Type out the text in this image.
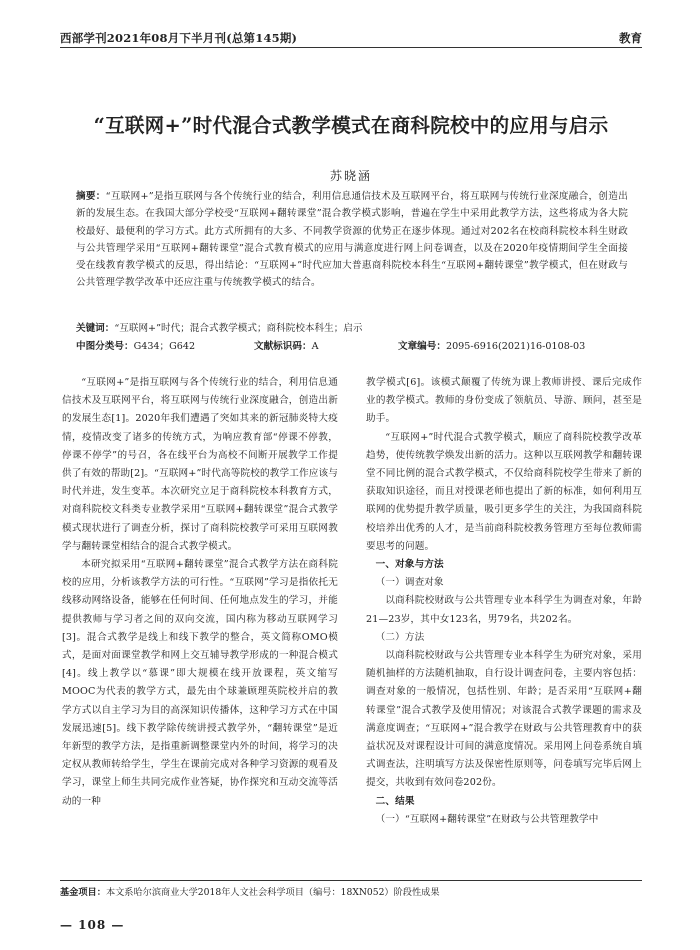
西部学刊2021年08月下半月刊(总第145期)	教育
“互联网+”时代混合式教学模式在商科院校中的应用与启示
苏晓涵
摘要：“互联网+”是指互联网与各个传统行业的结合，利用信息通信技术及互联网平台，将互联网与传统行业深度融合，创造出新的发展生态。在我国大部分学校受“互联网+翻转课堂”混合教学模式影响，普遍在学生中采用此教学方法，这些将成为各大院校最好、最便利的学习方式。此方式所拥有的大多、不同教学资源的优势正在逐步体现。通过对202名在校商科院校本科生财政与公共管理学采用“互联网+翻转课堂”混合式教育模式的应用与满意度进行网上问卷调查，以及在2020年疫情期间学生全面接受在线教育教学模式的反思，得出结论：“互联网+”时代应加大普惠商科院校本科生“互联网+翻转课堂”教学模式，但在财政与公共管理学教学改革中还应注重与传统教学模式的结合。
关键词：“互联网+”时代；混合式教学模式；商科院校本科生；启示
中图分类号：G434；G642	文献标识码：A	文章编号：2095-6916(2021)16-0108-03

“互联网+”是指互联网与各个传统行业的结合，利用信息通信技术及互联网平台，将互联网与传统行业深度融合，创造出新的发展生态[1]。2020年我们遭遇了突如其来的新冠肺炎特大疫情，疫情改变了诸多的传统方式，为响应教育部“停课不停教，停课不停学”的号召，各在线平台为高校不间断开展教学工作提供了有效的帮助[2]。“互联网+”时代高等院校的教学工作应该与时代并进，发生变革。本次研究立足于商科院校本科教育方式，对商科院校文科类专业教学采用“互联网+翻转课堂”混合式教学模式现状进行了调查分析，探讨了商科院校教学可采用互联网教学与翻转课堂相结合的混合式教学模式。

本研究拟采用“互联网+翻转课堂”混合式教学方法在商科院校的应用，分析该教学方法的可行性。“互联网”学习是指依托无线移动网络设备，能够在任何时间、任何地点发生的学习，并能提供教师与学习者之间的双向交流，国内称为移动互联网学习[3]。混合式教学是线上和线下教学的整合，英文简称OMO模式，是面对面课堂教学和网上交互辅导教学形成的一种混合模式[4]。线上教学以“慕课”即大规模在线开放课程，英文缩写MOOC为代表的教学方式，最先由个球兼顾理英院校并启的教学方式以自主学习为目的高深知识传播体，这种学习方式在中国发展迅速[5]。线下教学除传统讲授式教学外，“翻转课堂”是近年新型的教学方法，是指重新调整课堂内外的时间，将学习的决定权从教师转给学生，学生在课前完成对各种学习资源的观看及学习，课堂上师生共同完成作业答疑，协作探究和互动交流等活动的一种

教学模式[6]。该模式颠覆了传统为课上教师讲授、课后完成作业的教学模式。教师的身份变成了领航员、导游、顾问，甚至是助手。

“互联网+”时代混合式教学模式，顺应了商科院校教学改革趋势，使传统教学焕发出新的活力。这种以互联网教学和翻转课堂不同比例的混合式教学模式，不仅给商科院校学生带来了新的获取知识途径，而且对授课老师也提出了新的标准，如何利用互联网的优势提升教学质量，吸引更多学生的关注，为我国商科院校培养出优秀的人才，是当前商科院校教务管理方至每位教师需要思考的问题。

一、对象与方法

（一）调查对象

以商科院校财政与公共管理专业本科学生为调查对象，年龄21—23岁，其中女123名，男79名，共202名。

（二）方法

以商科院校财政与公共管理专业本科学生为研究对象，采用随机抽样的方法随机抽取，自行设计调查问卷，主要内容包括：调查对象的一般情况，包括性别、年龄；是否采用“互联网+翻转课堂”混合式教学及使用情况；对该混合式教学课题的需求及满意度调查；“互联网+”混合教学在财政与公共管理教育中的获益状况及对课程设计可间的满意度情况。采用网上问卷系统自填式调查法，注明填写方法及保密性原则等，问卷填写完毕后网上提交，共收到有效问卷202份。

二、结果

（一）“互联网+翻转课堂”在财政与公共管理教学中

基金项目：本文系哈尔滨商业大学2018年人文社会科学项目（编号：18XN052）阶段性成果
— 108 —
